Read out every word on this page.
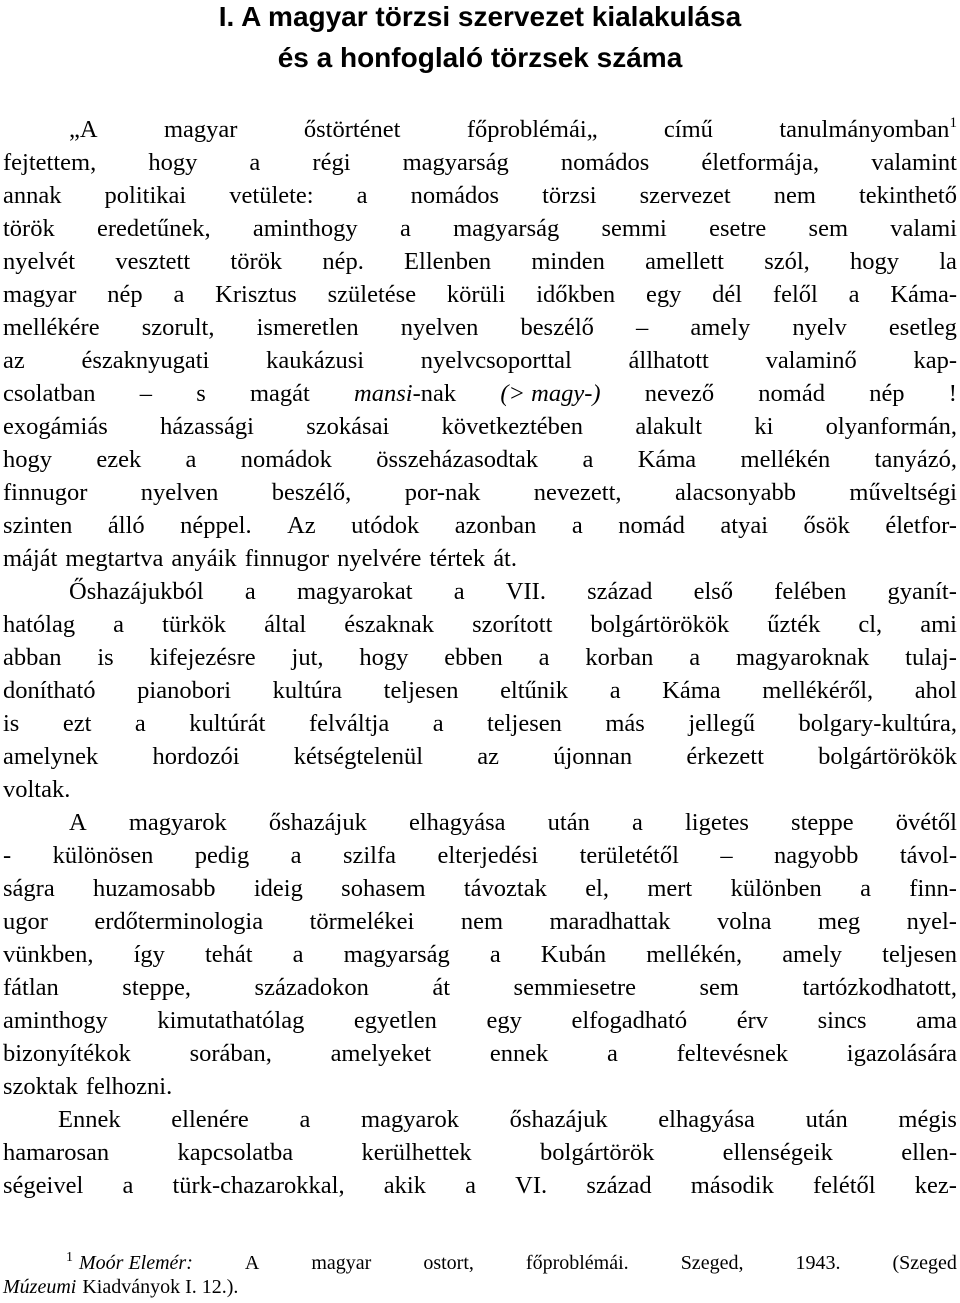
I. A magyar törzsi szervezet kialakulása
és a honfoglaló törzsek száma
„A	magyar	őstörténet	főproblémái„	című	tanulmányomban$^1$
fejtettem, hogy a régi magyarság nomádos életformája, valamint
annak politikai vetülete: a nomádos törzsi szervezet nem tekinthető
török eredetűnek, aminthogy a magyarság semmi esetre sem valami
nyelvét vesztett török nép. Ellenben minden amellett szól, hogy la
magyar nép a Krisztus születése körüli időkben egy dél felől a Káma-
mellékére szorult, ismeretlen nyelven beszélő – amely nyelv esetleg
az északnyugati kaukázusi nyelvcsoporttal állhatott valaminő kap-
csolatban – s magát mansi-nak (> magy-) nevező nomád nép !
exogámiás házassági szokásai következtében alakult ki olyanformán,
hogy ezek a nomádok összeházasodtak a Káma mellékén tanyázó,
finnugor nyelven beszélő, por-nak nevezett, alacsonyabb műveltségi
szinten álló néppel. Az utódok azonban a nomád atyai ősök életfor-
máját megtartva anyáik finnugor nyelvére tértek át.
Őshazájukból a magyarokat a VII. század első felében gyanít-
hatólag a türkök által északnak szorított bolgártörökök űzték cl, ami
abban is kifejezésre jut, hogy ebben a korban a magyaroknak tulaj-
donítható pianobori kultúra teljesen eltűnik a Káma mellékéről, ahol
is ezt a kultúrát felváltja a teljesen más jellegű bolgary-kultúra,
amelynek hordozói kétségtelenül az újonnan érkezett bolgártörökök
voltak.
A magyarok őshazájuk elhagyása után a ligetes steppe övétől
- különösen pedig a szilfa elterjedési területétől – nagyobb távol-
ságra huzamosabb ideig sohasem távoztak el, mert különben a finn-
ugor erdőterminologia törmelékei nem maradhattak volna meg nyel-
vünkben, így tehát a magyarság a Kubán mellékén, amely teljesen
fátlan	steppe,	századokon	át	semmiesetre	sem	tartózkodhatott,
aminthogy kimutathatólag egyetlen egy elfogadható érv sincs ama
bizonyítékok sorában, amelyeket ennek a feltevésnek igazolására
szoktak felhozni.
Ennek ellenére a magyarok őshazájuk elhagyása után mégis
hamarosan	kapcsolatba	kerülhettek	bolgártörök	ellenségeik	ellen-
ségeivel a türk-chazarokkal, akik a VI. század második felétől kez-
$^1$ Moór Elemér:	A	magyar	ostort,	főproblémái.	Szeged,	1943.	(Szeged
Múzeumi Kiadványok I. 12.).
